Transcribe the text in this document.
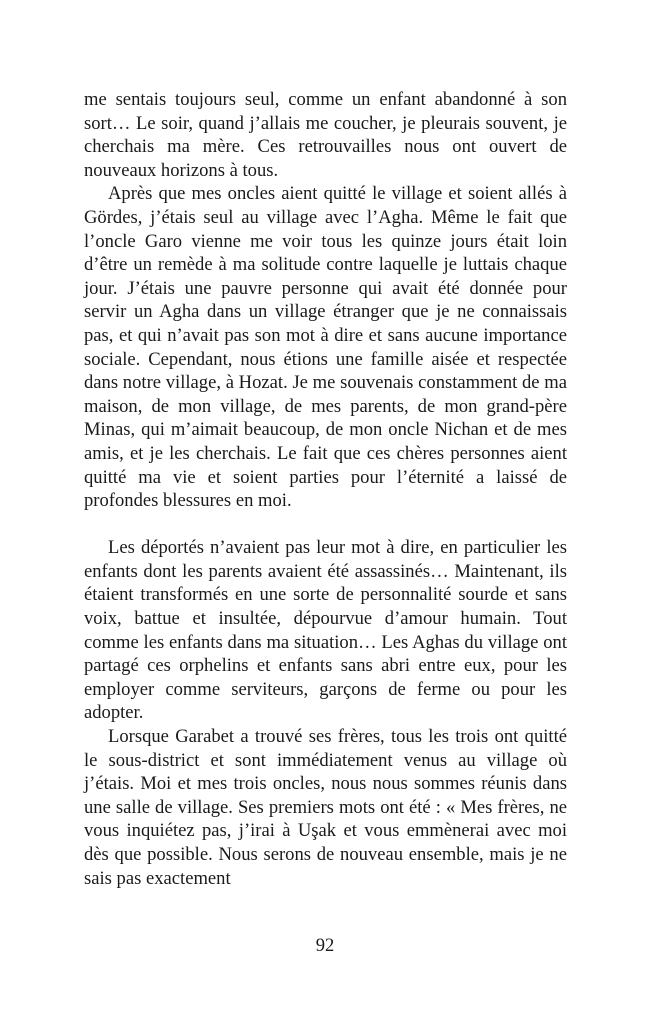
me sentais toujours seul, comme un enfant abandonné à son sort… Le soir, quand j’allais me coucher, je pleurais souvent, je cherchais ma mère. Ces retrouvailles nous ont ouvert de nouveaux horizons à tous.

Après que mes oncles aient quitté le village et soient allés à Gördes, j’étais seul au village avec l’Agha. Même le fait que l’oncle Garo vienne me voir tous les quinze jours était loin d’être un remède à ma solitude contre laquelle je luttais chaque jour. J’étais une pauvre personne qui avait été donnée pour servir un Agha dans un village étranger que je ne connaissais pas, et qui n’avait pas son mot à dire et sans aucune importance sociale. Cependant, nous étions une famille aisée et respectée dans notre village, à Hozat. Je me souvenais constamment de ma maison, de mon village, de mes parents, de mon grand-père Minas, qui m’aimait beaucoup, de mon oncle Nichan et de mes amis, et je les cherchais. Le fait que ces chères personnes aient quitté ma vie et soient parties pour l’éternité a laissé de profondes blessures en moi.

Les déportés n’avaient pas leur mot à dire, en particulier les enfants dont les parents avaient été assassinés… Maintenant, ils étaient transformés en une sorte de personnalité sourde et sans voix, battue et insultée, dépourvue d’amour humain. Tout comme les enfants dans ma situation… Les Aghas du village ont partagé ces orphelins et enfants sans abri entre eux, pour les employer comme serviteurs, garçons de ferme ou pour les adopter.

Lorsque Garabet a trouvé ses frères, tous les trois ont quitté le sous-district et sont immédiatement venus au village où j’étais. Moi et mes trois oncles, nous nous sommes réunis dans une salle de village. Ses premiers mots ont été : « Mes frères, ne vous inquiétez pas, j’irai à Uşak et vous emmènerai avec moi dès que possible. Nous serons de nouveau ensemble, mais je ne sais pas exactement

92
